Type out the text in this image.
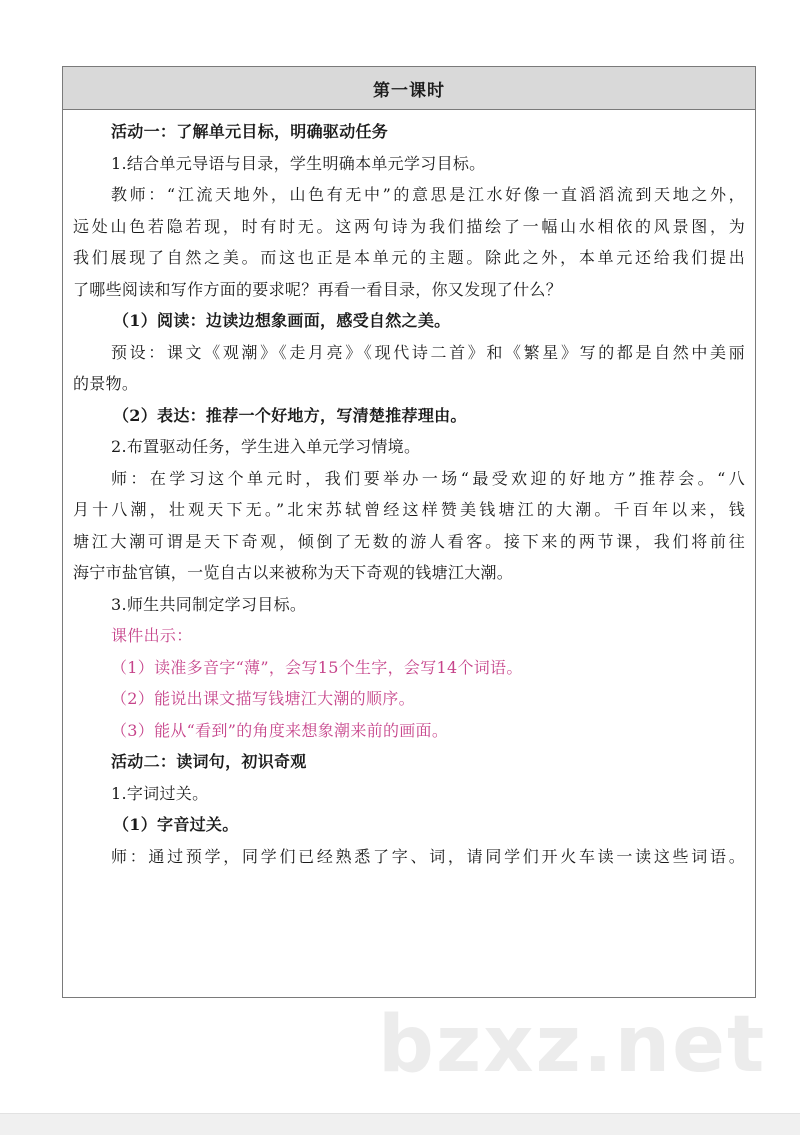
第一课时
活动一：了解单元目标，明确驱动任务
1.结合单元导语与目录，学生明确本单元学习目标。
教师：“江流天地外，山色有无中”的意思是江水好像一直滔滔流到天地之外，
远处山色若隐若现，时有时无。这两句诗为我们描绘了一幅山水相依的风景图，为
我们展现了自然之美。而这也正是本单元的主题。除此之外，本单元还给我们提出
了哪些阅读和写作方面的要求呢？再看一看目录，你又发现了什么？
（1）阅读：边读边想象画面，感受自然之美。
预设：课文《观潮》《走月亮》《现代诗二首》和《繁星》写的都是自然中美丽
的景物。
（2）表达：推荐一个好地方，写清楚推荐理由。
2.布置驱动任务，学生进入单元学习情境。
师：在学习这个单元时，我们要举办一场“最受欢迎的好地方”推荐会。“八
月十八潮，壮观天下无。”北宋苏轼曾经这样赞美钱塘江的大潮。千百年以来，钱
塘江大潮可谓是天下奇观，倾倒了无数的游人看客。接下来的两节课，我们将前往
海宁市盐官镇，一览自古以来被称为天下奇观的钱塘江大潮。
3.师生共同制定学习目标。
课件出示：
（1）读准多音字“薄”，会写15个生字，会写14个词语。
（2）能说出课文描写钱塘江大潮的顺序。
（3）能从“看到”的角度来想象潮来前的画面。
活动二：读词句，初识奇观
1.字词过关。
（1）字音过关。
师：通过预学，同学们已经熟悉了字、词，请同学们开火车读一读这些词语。
bzxz.net
